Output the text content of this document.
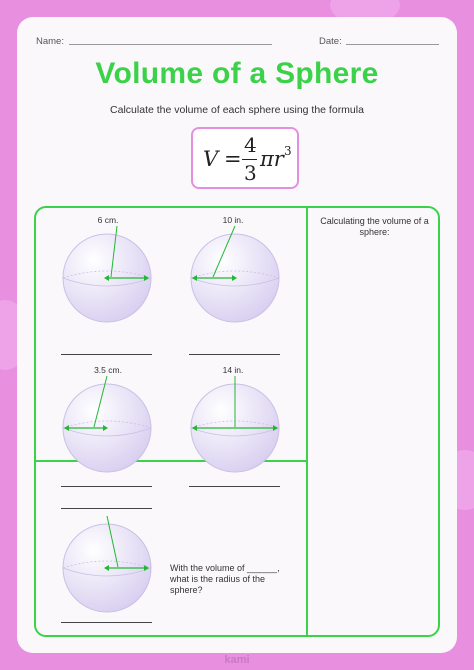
Name:	Date:
Volume of a Sphere
Calculate the volume of each sphere using the formula
V =
4
3
πr 3
Calculating the volume of a sphere:
6 cm.	10 in.
3.5 cm.	14 in.
With the volume of ______, what is the radius of the sphere?
kami
